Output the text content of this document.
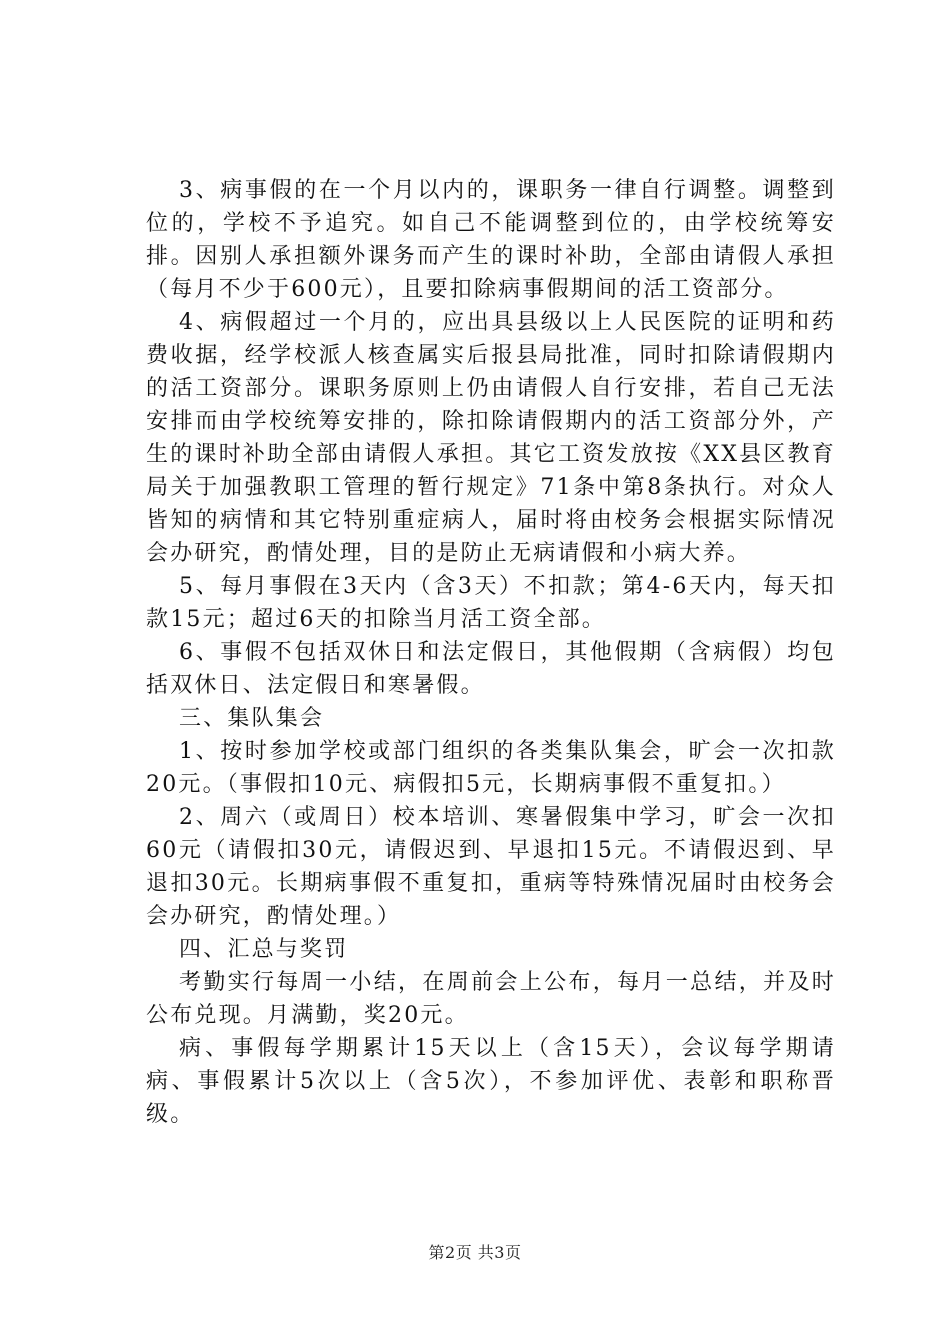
3、病事假的在一个月以内的，课职务一律自行调整。调整到位的，学校不予追究。如自己不能调整到位的，由学校统筹安排。因别人承担额外课务而产生的课时补助，全部由请假人承担（每月不少于600元），且要扣除病事假期间的活工资部分。

4、病假超过一个月的，应出具县级以上人民医院的证明和药费收据，经学校派人核查属实后报县局批准，同时扣除请假期内的活工资部分。课职务原则上仍由请假人自行安排，若自己无法安排而由学校统筹安排的，除扣除请假期内的活工资部分外，产生的课时补助全部由请假人承担。其它工资发放按《XX县区教育局关于加强教职工管理的暂行规定》71条中第8条执行。对众人皆知的病情和其它特别重症病人，届时将由校务会根据实际情况会办研究，酌情处理，目的是防止无病请假和小病大养。

5、每月事假在3天内（含3天）不扣款；第4-6天内，每天扣款15元；超过6天的扣除当月活工资全部。

6、事假不包括双休日和法定假日，其他假期（含病假）均包括双休日、法定假日和寒暑假。

三、集队集会

1、按时参加学校或部门组织的各类集队集会，旷会一次扣款20元。（事假扣10元、病假扣5元，长期病事假不重复扣。）

2、周六（或周日）校本培训、寒暑假集中学习，旷会一次扣60元（请假扣30元，请假迟到、早退扣15元。不请假迟到、早退扣30元。长期病事假不重复扣，重病等特殊情况届时由校务会会办研究，酌情处理。）

四、汇总与奖罚

考勤实行每周一小结，在周前会上公布，每月一总结，并及时公布兑现。月满勤，奖20元。

病、事假每学期累计15天以上（含15天），会议每学期请病、事假累计5次以上（含5次），不参加评优、表彰和职称晋级。

第2页 共3页
